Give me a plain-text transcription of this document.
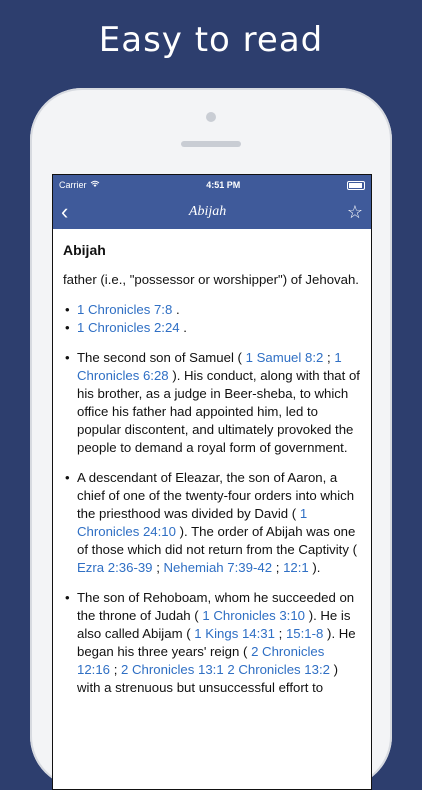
Easy to read
Carrier	4:51 PM
‹	Abijah	☆
Abijah
father (i.e., "possessor or worshipper") of Jehovah.
• 1 Chronicles 7:8 .
• 1 Chronicles 2:24 .
• The second son of Samuel ( 1 Samuel 8:2 ; 1 Chronicles 6:28 ). His conduct, along with that of his brother, as a judge in Beer-sheba, to which office his father had appointed him, led to popular discontent, and ultimately provoked the people to demand a royal form of government.
• A descendant of Eleazar, the son of Aaron, a chief of one of the twenty-four orders into which the priesthood was divided by David ( 1 Chronicles 24:10 ). The order of Abijah was one of those which did not return from the Captivity ( Ezra 2:36-39 ; Nehemiah 7:39-42 ; 12:1 ).
• The son of Rehoboam, whom he succeeded on the throne of Judah ( 1 Chronicles 3:10 ). He is also called Abijam ( 1 Kings 14:31 ; 15:1-8 ). He began his three years' reign ( 2 Chronicles 12:16 ; 2 Chronicles 13:1 2 Chronicles 13:2 ) with a strenuous but unsuccessful effort to
